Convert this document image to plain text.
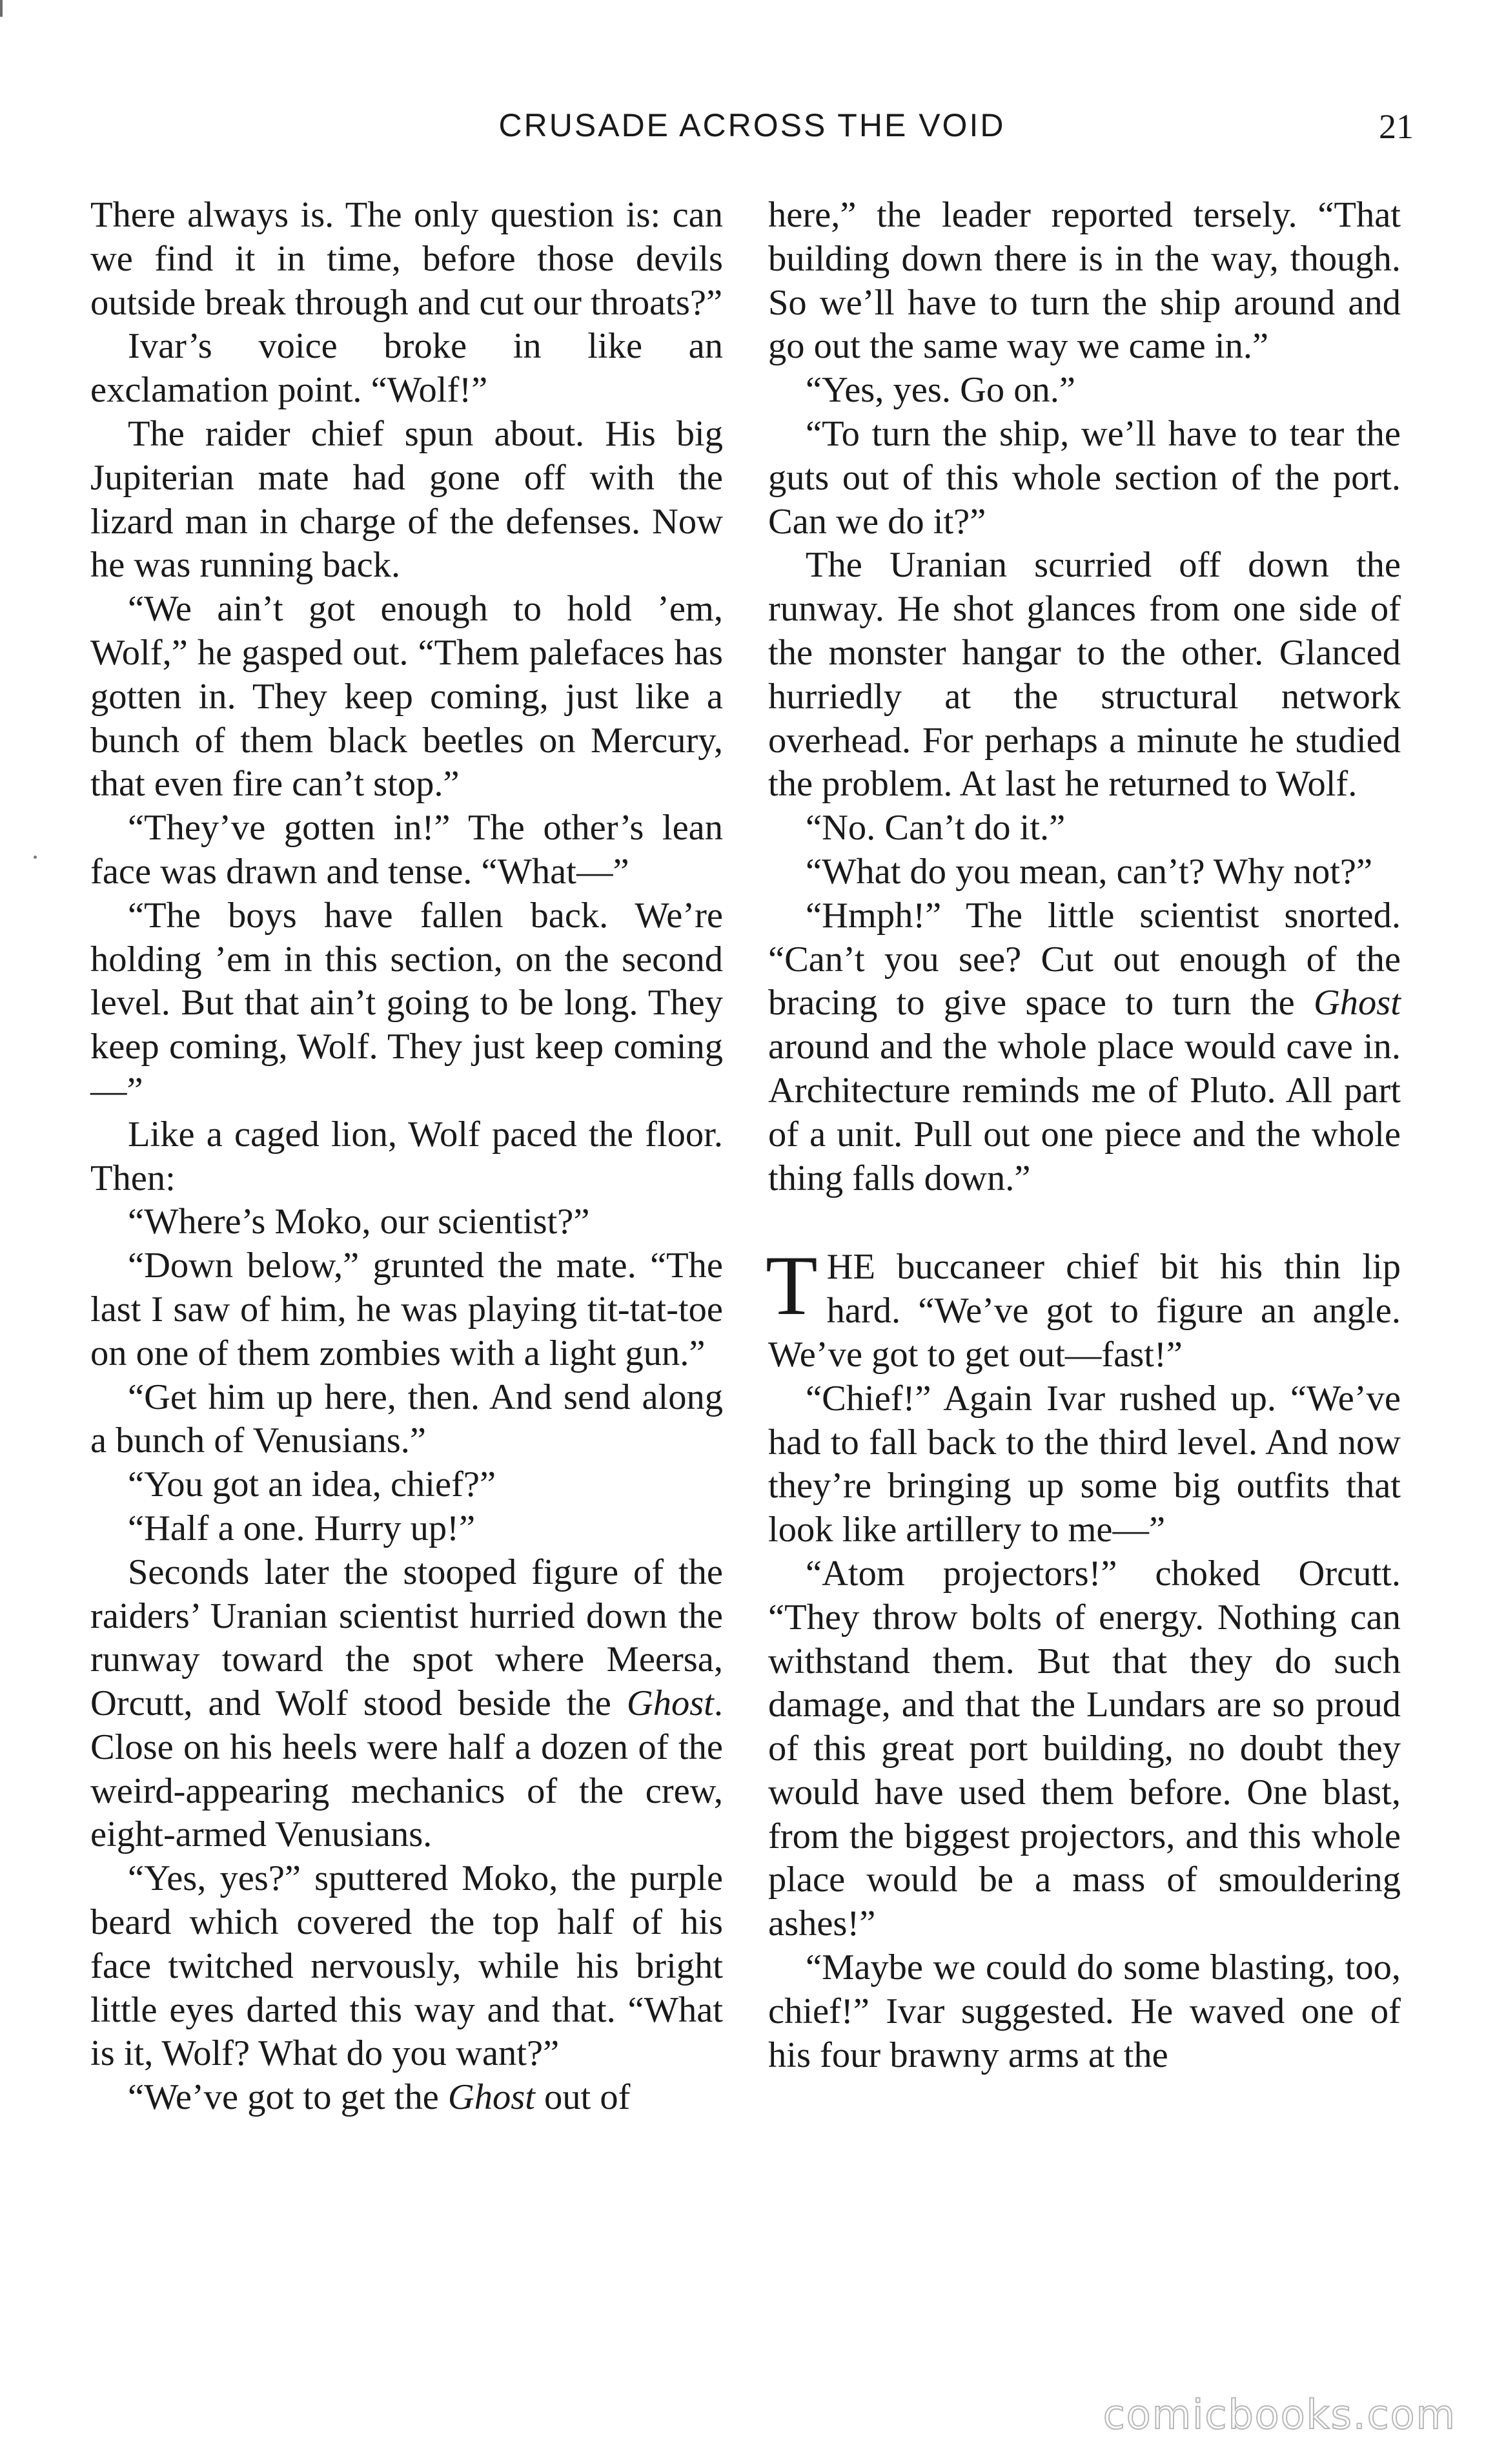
CRUSADE ACROSS THE VOID	21

There always is. The only question is: can we find it in time, before those devils outside break through and cut our throats?”

Ivar’s voice broke in like an exclamation point. “Wolf!”

The raider chief spun about. His big Jupiterian mate had gone off with the lizard man in charge of the defenses. Now he was running back.

“We ain’t got enough to hold ’em, Wolf,” he gasped out. “Them palefaces has gotten in. They keep coming, just like a bunch of them black beetles on Mercury, that even fire can’t stop.”

“They’ve gotten in!” The other’s lean face was drawn and tense. “What—”

“The boys have fallen back. We’re holding ’em in this section, on the second level. But that ain’t going to be long. They keep coming, Wolf. They just keep coming—”

Like a caged lion, Wolf paced the floor. Then:

“Where’s Moko, our scientist?”

“Down below,” grunted the mate. “The last I saw of him, he was playing tit-tat-toe on one of them zombies with a light gun.”

“Get him up here, then. And send along a bunch of Venusians.”

“You got an idea, chief?”

“Half a one. Hurry up!”

Seconds later the stooped figure of the raiders’ Uranian scientist hurried down the runway toward the spot where Meersa, Orcutt, and Wolf stood beside the Ghost. Close on his heels were half a dozen of the weird-appearing mechanics of the crew, eight-armed Venusians.

“Yes, yes?” sputtered Moko, the purple beard which covered the top half of his face twitched nervously, while his bright little eyes darted this way and that. “What is it, Wolf? What do you want?”

“We’ve got to get the Ghost out of

here,” the leader reported tersely. “That building down there is in the way, though. So we’ll have to turn the ship around and go out the same way we came in.”

“Yes, yes. Go on.”

“To turn the ship, we’ll have to tear the guts out of this whole section of the port. Can we do it?”

The Uranian scurried off down the runway. He shot glances from one side of the monster hangar to the other. Glanced hurriedly at the structural network overhead. For perhaps a minute he studied the problem. At last he returned to Wolf.

“No. Can’t do it.”

“What do you mean, can’t? Why not?”

“Hmph!” The little scientist snorted. “Can’t you see? Cut out enough of the bracing to give space to turn the Ghost around and the whole place would cave in. Architecture reminds me of Pluto. All part of a unit. Pull out one piece and the whole thing falls down.”

THE buccaneer chief bit his thin lip hard. “We’ve got to figure an angle. We’ve got to get out—fast!”

“Chief!” Again Ivar rushed up. “We’ve had to fall back to the third level. And now they’re bringing up some big outfits that look like artillery to me—”

“Atom projectors!” choked Orcutt. “They throw bolts of energy. Nothing can withstand them. But that they do such damage, and that the Lundars are so proud of this great port building, no doubt they would have used them before. One blast, from the biggest projectors, and this whole place would be a mass of smouldering ashes!”

“Maybe we could do some blasting, too, chief!” Ivar suggested. He waved one of his four brawny arms at the

comicbooks.com
